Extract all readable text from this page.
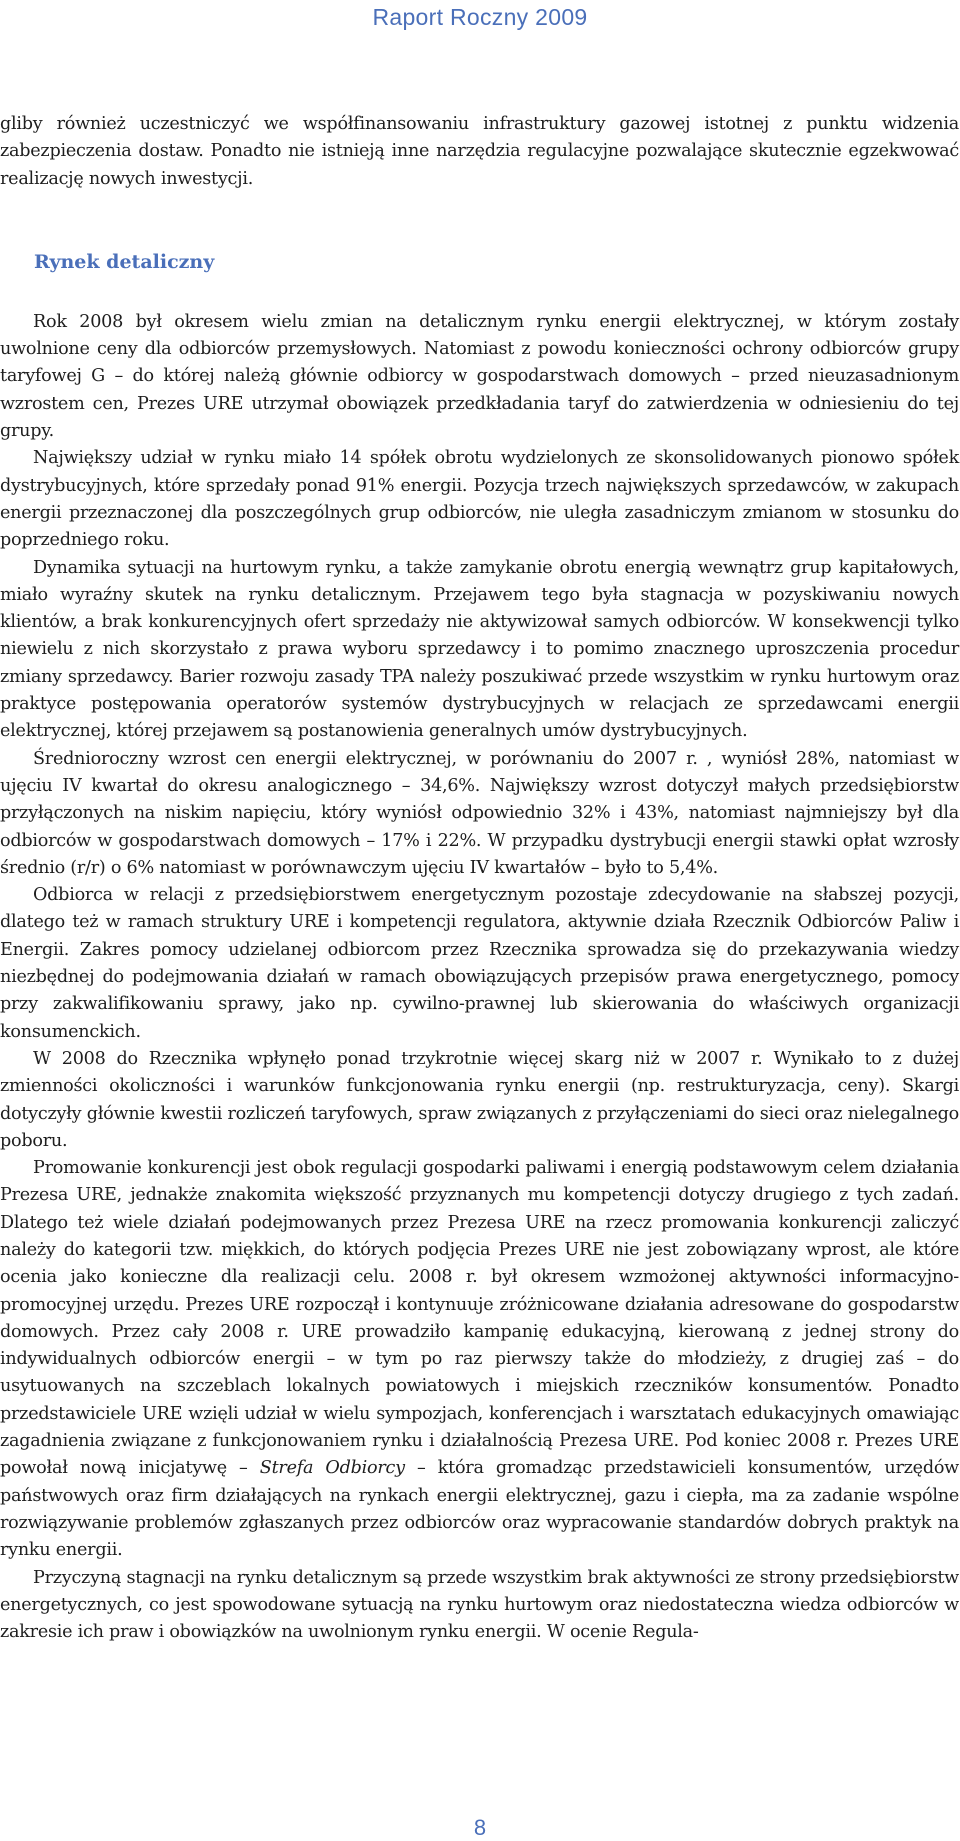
Raport Roczny 2009

gliby również uczestniczyć we współfinansowaniu infrastruktury gazowej istotnej z punktu widzenia zabezpieczenia dostaw. Ponadto nie istnieją inne narzędzia regulacyjne pozwalające skutecznie egzekwować realizację nowych inwestycji.

Rynek detaliczny

Rok 2008 był okresem wielu zmian na detalicznym rynku energii elektrycznej, w którym zostały uwolnione ceny dla odbiorców przemysłowych. Natomiast z powodu konieczności ochrony odbiorców grupy taryfowej G – do której należą głównie odbiorcy w gospodarstwach domowych – przed nieuzasadnionym wzrostem cen, Prezes URE utrzymał obowiązek przedkładania taryf do zatwierdzenia w odniesieniu do tej grupy.

Największy udział w rynku miało 14 spółek obrotu wydzielonych ze skonsolidowanych pionowo spółek dystrybucyjnych, które sprzedały ponad 91% energii. Pozycja trzech największych sprzedawców, w zakupach energii przeznaczonej dla poszczególnych grup odbiorców, nie uległa zasadniczym zmianom w stosunku do poprzedniego roku.

Dynamika sytuacji na hurtowym rynku, a także zamykanie obrotu energią wewnątrz grup kapitałowych, miało wyraźny skutek na rynku detalicznym. Przejawem tego była stagnacja w pozyskiwaniu nowych klientów, a brak konkurencyjnych ofert sprzedaży nie aktywizował samych odbiorców. W konsekwencji tylko niewielu z nich skorzystało z prawa wyboru sprzedawcy i to pomimo znacznego uproszczenia procedur zmiany sprzedawcy. Barier rozwoju zasady TPA należy poszukiwać przede wszystkim w rynku hurtowym oraz praktyce postępowania operatorów systemów dystrybucyjnych w relacjach ze sprzedawcami energii elektrycznej, której przejawem są postanowienia generalnych umów dystrybucyjnych.

Średnioroczny wzrost cen energii elektrycznej, w porównaniu do 2007 r. , wyniósł 28%, natomiast w ujęciu IV kwartał do okresu analogicznego – 34,6%. Największy wzrost dotyczył małych przedsiębiorstw przyłączonych na niskim napięciu, który wyniósł odpowiednio 32% i 43%, natomiast najmniejszy był dla odbiorców w gospodarstwach domowych – 17% i 22%. W przypadku dystrybucji energii stawki opłat wzrosły średnio (r/r) o 6% natomiast w porównawczym ujęciu IV kwartałów – było to 5,4%.

Odbiorca w relacji z przedsiębiorstwem energetycznym pozostaje zdecydowanie na słabszej pozycji, dlatego też w ramach struktury URE i kompetencji regulatora, aktywnie działa Rzecznik Odbiorców Paliw i Energii. Zakres pomocy udzielanej odbiorcom przez Rzecznika sprowadza się do przekazywania wiedzy niezbędnej do podejmowania działań w ramach obowiązujących przepisów prawa energetycznego, pomocy przy zakwalifikowaniu sprawy, jako np. cywilno-prawnej lub skierowania do właściwych organizacji konsumenckich.

W 2008 do Rzecznika wpłynęło ponad trzykrotnie więcej skarg niż w 2007 r. Wynikało to z dużej zmienności okoliczności i warunków funkcjonowania rynku energii (np. restrukturyzacja, ceny). Skargi dotyczyły głównie kwestii rozliczeń taryfowych, spraw związanych z przyłączeniami do sieci oraz nielegalnego poboru.

Promowanie konkurencji jest obok regulacji gospodarki paliwami i energią podstawowym celem działania Prezesa URE, jednakże znakomita większość przyznanych mu kompetencji dotyczy drugiego z tych zadań. Dlatego też wiele działań podejmowanych przez Prezesa URE na rzecz promowania konkurencji zaliczyć należy do kategorii tzw. miękkich, do których podjęcia Prezes URE nie jest zobowiązany wprost, ale które ocenia jako konieczne dla realizacji celu. 2008 r. był okresem wzmożonej aktywności informacyjno-promocyjnej urzędu. Prezes URE rozpoczął i kontynuuje zróżnicowane działania adresowane do gospodarstw domowych. Przez cały 2008 r. URE prowadziło kampanię edukacyjną, kierowaną z jednej strony do indywidualnych odbiorców energii – w tym po raz pierwszy także do młodzieży, z drugiej zaś – do usytuowanych na szczeblach lokalnych powiatowych i miejskich rzeczników konsumentów. Ponadto przedstawiciele URE wzięli udział w wielu sympozjach, konferencjach i warsztatach edukacyjnych omawiając zagadnienia związane z funkcjonowaniem rynku i działalnością Prezesa URE. Pod koniec 2008 r. Prezes URE powołał nową inicjatywę – Strefa Odbiorcy – która gromadząc przedstawicieli konsumentów, urzędów państwowych oraz firm działających na rynkach energii elektrycznej, gazu i ciepła, ma za zadanie wspólne rozwiązywanie problemów zgłaszanych przez odbiorców oraz wypracowanie standardów dobrych praktyk na rynku energii.

Przyczyną stagnacji na rynku detalicznym są przede wszystkim brak aktywności ze strony przedsiębiorstw energetycznych, co jest spowodowane sytuacją na rynku hurtowym oraz niedostateczna wiedza odbiorców w zakresie ich praw i obowiązków na uwolnionym rynku energii. W ocenie Regula-

8
